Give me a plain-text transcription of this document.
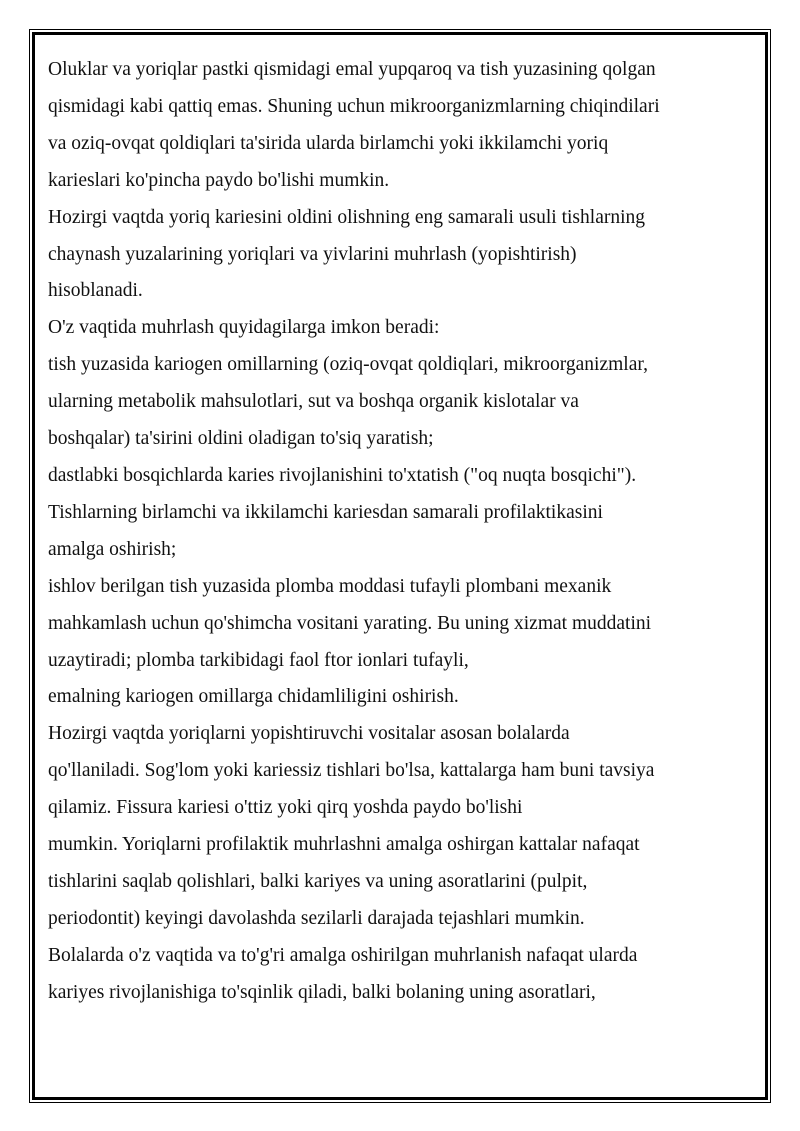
Oluklar va yoriqlar pastki qismidagi emal yupqaroq va tish yuzasining qolgan
qismidagi kabi qattiq emas. Shuning uchun mikroorganizmlarning chiqindilari
va oziq-ovqat qoldiqlari ta'sirida ularda birlamchi yoki ikkilamchi yoriq
karieslari ko'pincha paydo bo'lishi mumkin.
Hozirgi vaqtda yoriq kariesini oldini olishning eng samarali usuli tishlarning
chaynash yuzalarining yoriqlari va yivlarini muhrlash (yopishtirish)
hisoblanadi.
O'z vaqtida muhrlash quyidagilarga imkon beradi:
tish yuzasida kariogen omillarning (oziq-ovqat qoldiqlari, mikroorganizmlar,
ularning metabolik mahsulotlari, sut va boshqa organik kislotalar va
boshqalar) ta'sirini oldini oladigan to'siq yaratish;
dastlabki bosqichlarda karies rivojlanishini to'xtatish ("oq nuqta bosqichi").
Tishlarning birlamchi va ikkilamchi kariesdan samarali profilaktikasini
amalga oshirish;
ishlov berilgan tish yuzasida plomba moddasi tufayli plombani mexanik
mahkamlash uchun qo'shimcha vositani yarating. Bu uning xizmat muddatini
uzaytiradi; plomba tarkibidagi faol ftor ionlari tufayli,
emalning kariogen omillarga chidamliligini oshirish.
Hozirgi vaqtda yoriqlarni yopishtiruvchi vositalar asosan bolalarda
qo'llaniladi. Sog'lom yoki kariessiz tishlari bo'lsa, kattalarga ham buni tavsiya
qilamiz. Fissura kariesi o'ttiz yoki qirq yoshda paydo bo'lishi
mumkin. Yoriqlarni profilaktik muhrlashni amalga oshirgan kattalar nafaqat
tishlarini saqlab qolishlari, balki kariyes va uning asoratlarini (pulpit,
periodontit) keyingi davolashda sezilarli darajada tejashlari mumkin.
Bolalarda o'z vaqtida va to'g'ri amalga oshirilgan muhrlanish nafaqat ularda
kariyes rivojlanishiga to'sqinlik qiladi, balki bolaning uning asoratlari,
